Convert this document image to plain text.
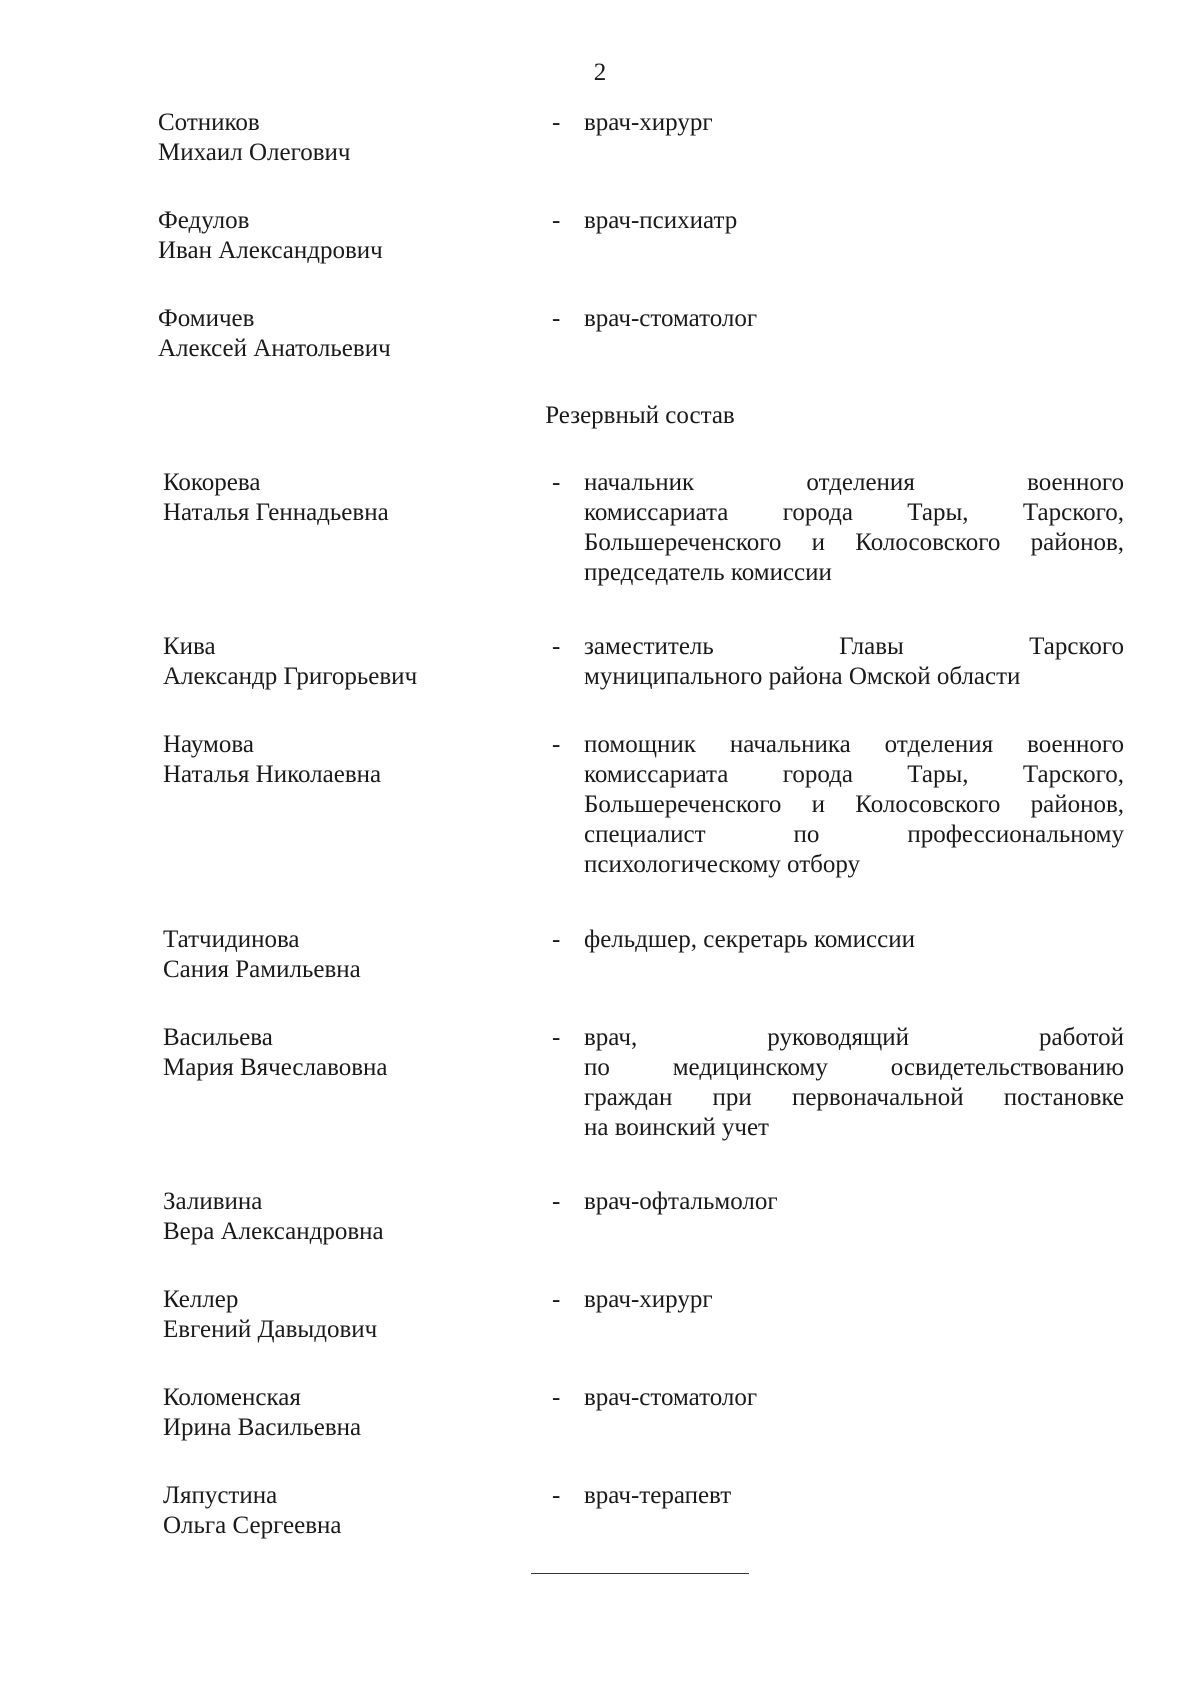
2
Сотников
Михаил Олегович
- врач-хирург
Федулов
Иван Александрович
- врач-психиатр
Фомичев
Алексей Анатольевич
- врач-стоматолог
Резервный состав
Кокорева
Наталья Геннадьевна
- начальник отделения военного
комиссариата города Тары, Тарского,
Большереченского и Колосовского районов,
председатель комиссии
Кива
Александр Григорьевич
- заместитель Главы Тарского
муниципального района Омской области
Наумова
Наталья Николаевна
- помощник начальника отделения военного
комиссариата города Тары, Тарского,
Большереченского и Колосовского районов,
специалист по профессиональному
психологическому отбору
Татчидинова
Сания Рамильевна
- фельдшер, секретарь комиссии
Васильева
Мария Вячеславовна
- врач, руководящий работой
по медицинскому освидетельствованию
граждан при первоначальной постановке
на воинский учет
Заливина
Вера Александровна
- врач-офтальмолог
Келлер
Евгений Давыдович
- врач-хирург
Коломенская
Ирина Васильевна
- врач-стоматолог
Ляпустина
Ольга Сергеевна
- врач-терапевт
